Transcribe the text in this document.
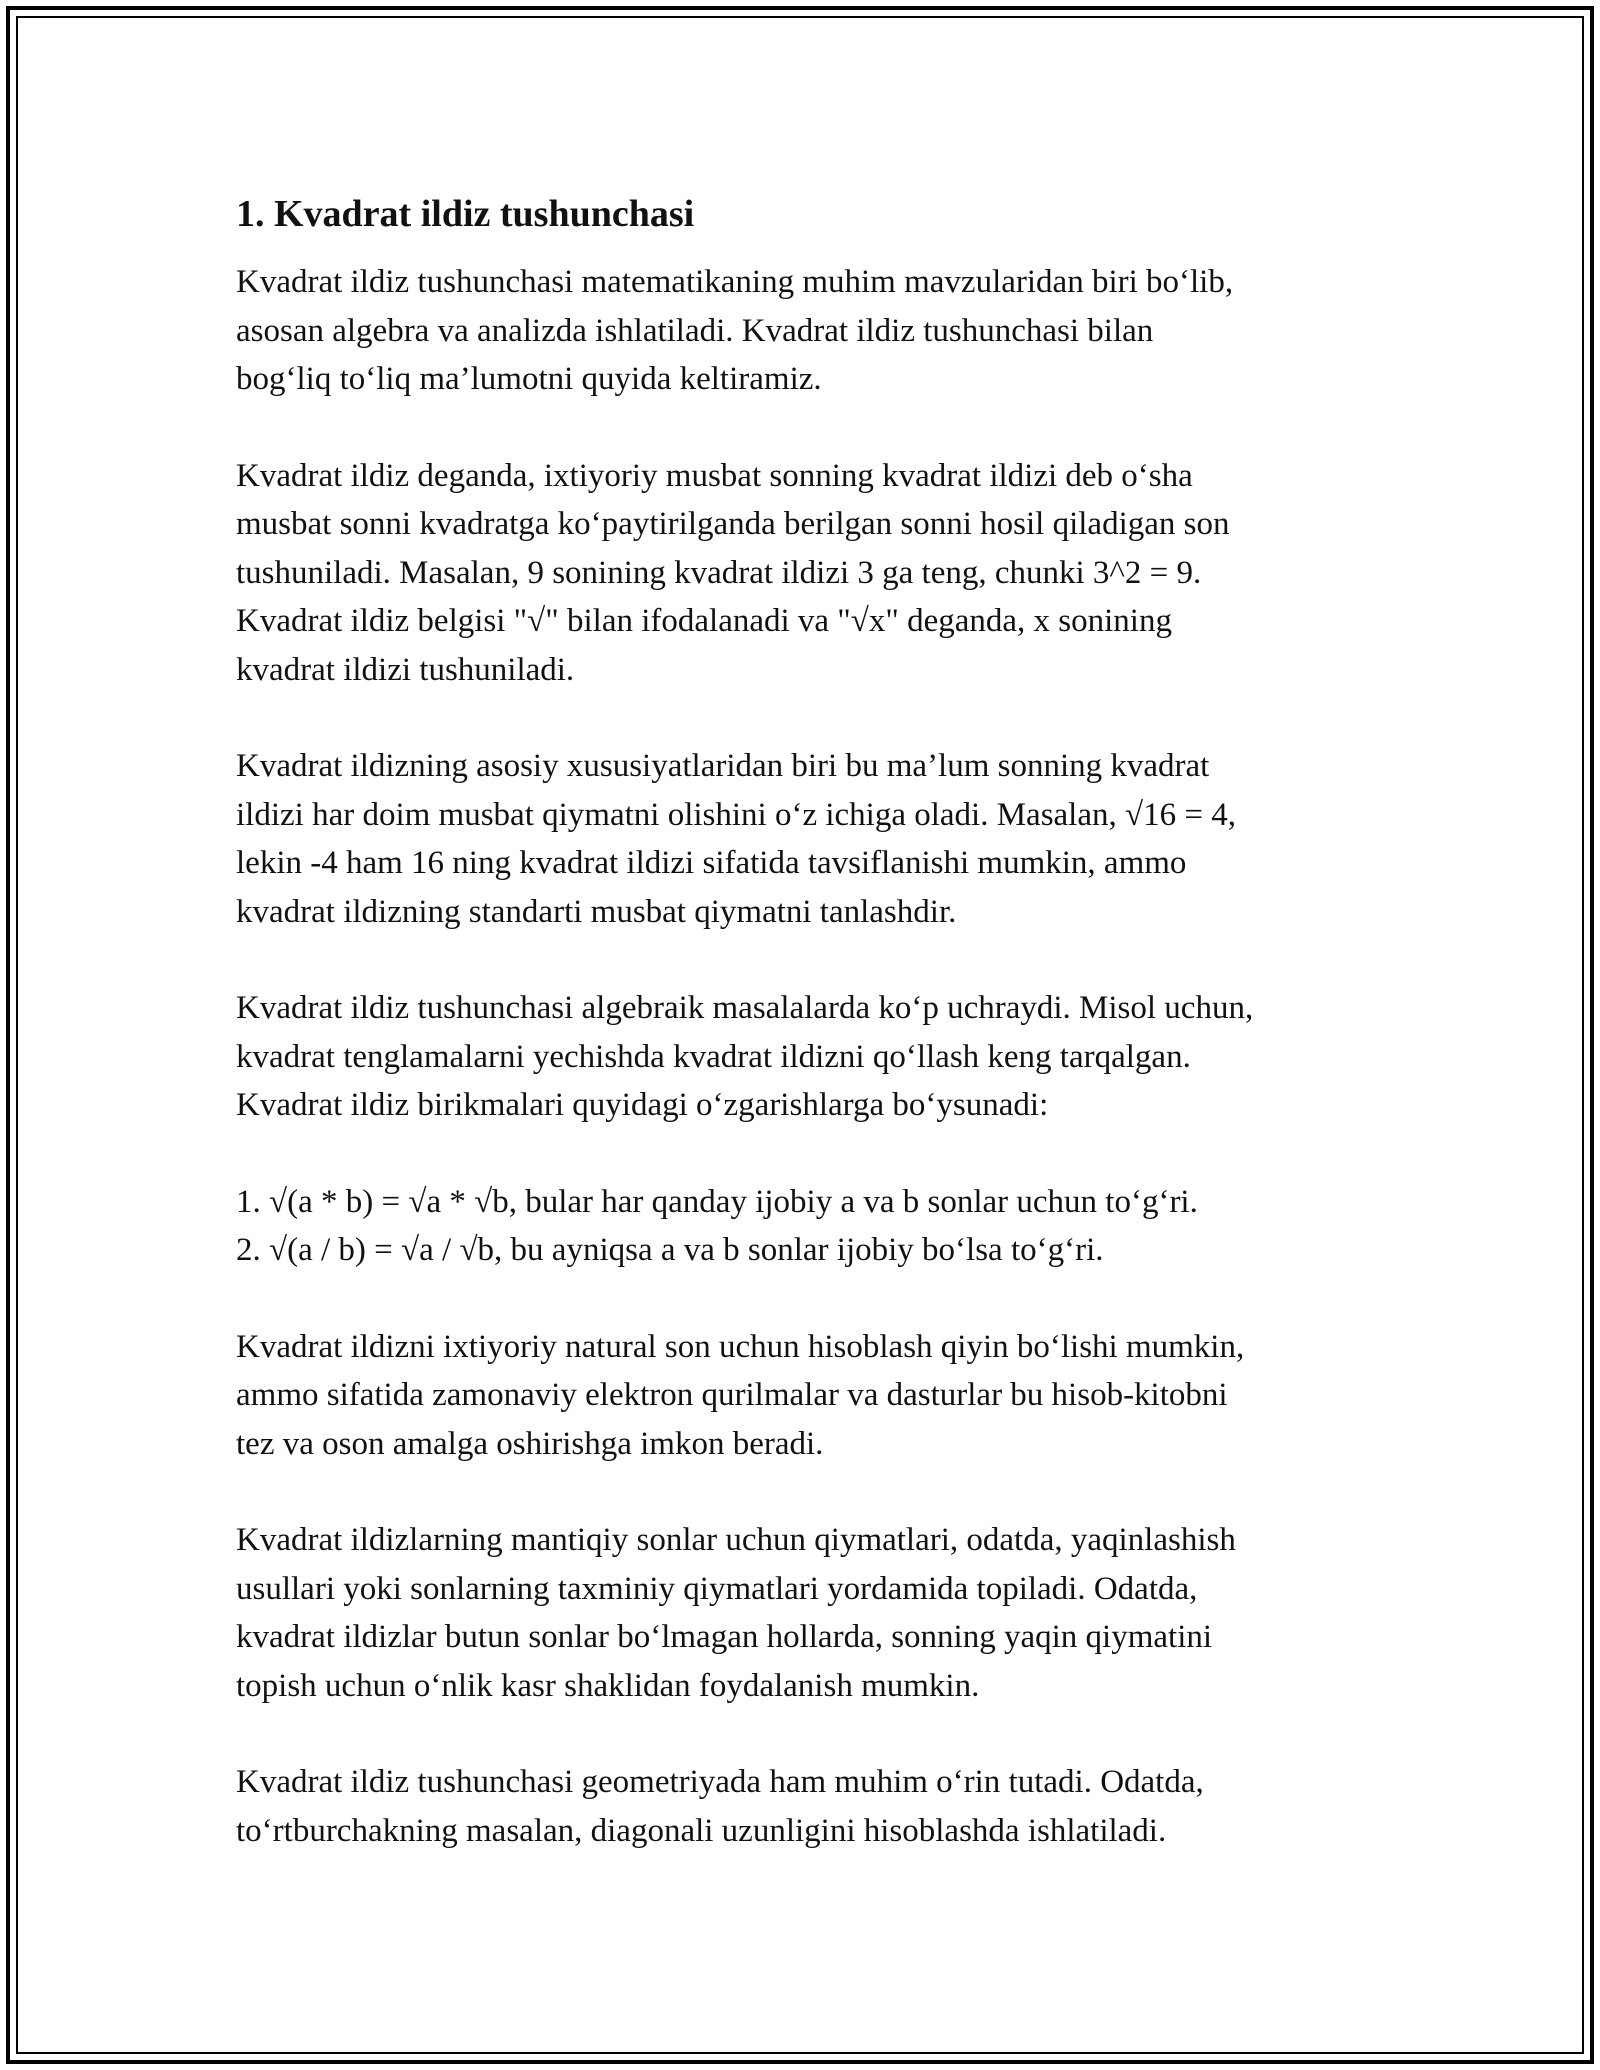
1. Kvadrat ildiz tushunchasi

Kvadrat ildiz tushunchasi matematikaning muhim mavzularidan biri bo‘lib,
asosan algebra va analizda ishlatiladi. Kvadrat ildiz tushunchasi bilan
bog‘liq to‘liq ma’lumotni quyida keltiramiz.

Kvadrat ildiz deganda, ixtiyoriy musbat sonning kvadrat ildizi deb o‘sha
musbat sonni kvadratga ko‘paytirilganda berilgan sonni hosil qiladigan son
tushuniladi. Masalan, 9 sonining kvadrat ildizi 3 ga teng, chunki 3^2 = 9.
Kvadrat ildiz belgisi "√" bilan ifodalanadi va "√x" deganda, x sonining
kvadrat ildizi tushuniladi.

Kvadrat ildizning asosiy xususiyatlaridan biri bu ma’lum sonning kvadrat
ildizi har doim musbat qiymatni olishini o‘z ichiga oladi. Masalan, √16 = 4,
lekin -4 ham 16 ning kvadrat ildizi sifatida tavsiflanishi mumkin, ammo
kvadrat ildizning standarti musbat qiymatni tanlashdir.

Kvadrat ildiz tushunchasi algebraik masalalarda ko‘p uchraydi. Misol uchun,
kvadrat tenglamalarni yechishda kvadrat ildizni qo‘llash keng tarqalgan.
Kvadrat ildiz birikmalari quyidagi o‘zgarishlarga bo‘ysunadi:

1. √(a * b) = √a * √b, bular har qanday ijobiy a va b sonlar uchun to‘g‘ri.
2. √(a / b) = √a / √b, bu ayniqsa a va b sonlar ijobiy bo‘lsa to‘g‘ri.

Kvadrat ildizni ixtiyoriy natural son uchun hisoblash qiyin bo‘lishi mumkin,
ammo sifatida zamonaviy elektron qurilmalar va dasturlar bu hisob-kitobni
tez va oson amalga oshirishga imkon beradi.

Kvadrat ildizlarning mantiqiy sonlar uchun qiymatlari, odatda, yaqinlashish
usullari yoki sonlarning taxminiy qiymatlari yordamida topiladi. Odatda,
kvadrat ildizlar butun sonlar bo‘lmagan hollarda, sonning yaqin qiymatini
topish uchun o‘nlik kasr shaklidan foydalanish mumkin.

Kvadrat ildiz tushunchasi geometriyada ham muhim o‘rin tutadi. Odatda,
to‘rtburchakning masalan, diagonali uzunligini hisoblashda ishlatiladi.
